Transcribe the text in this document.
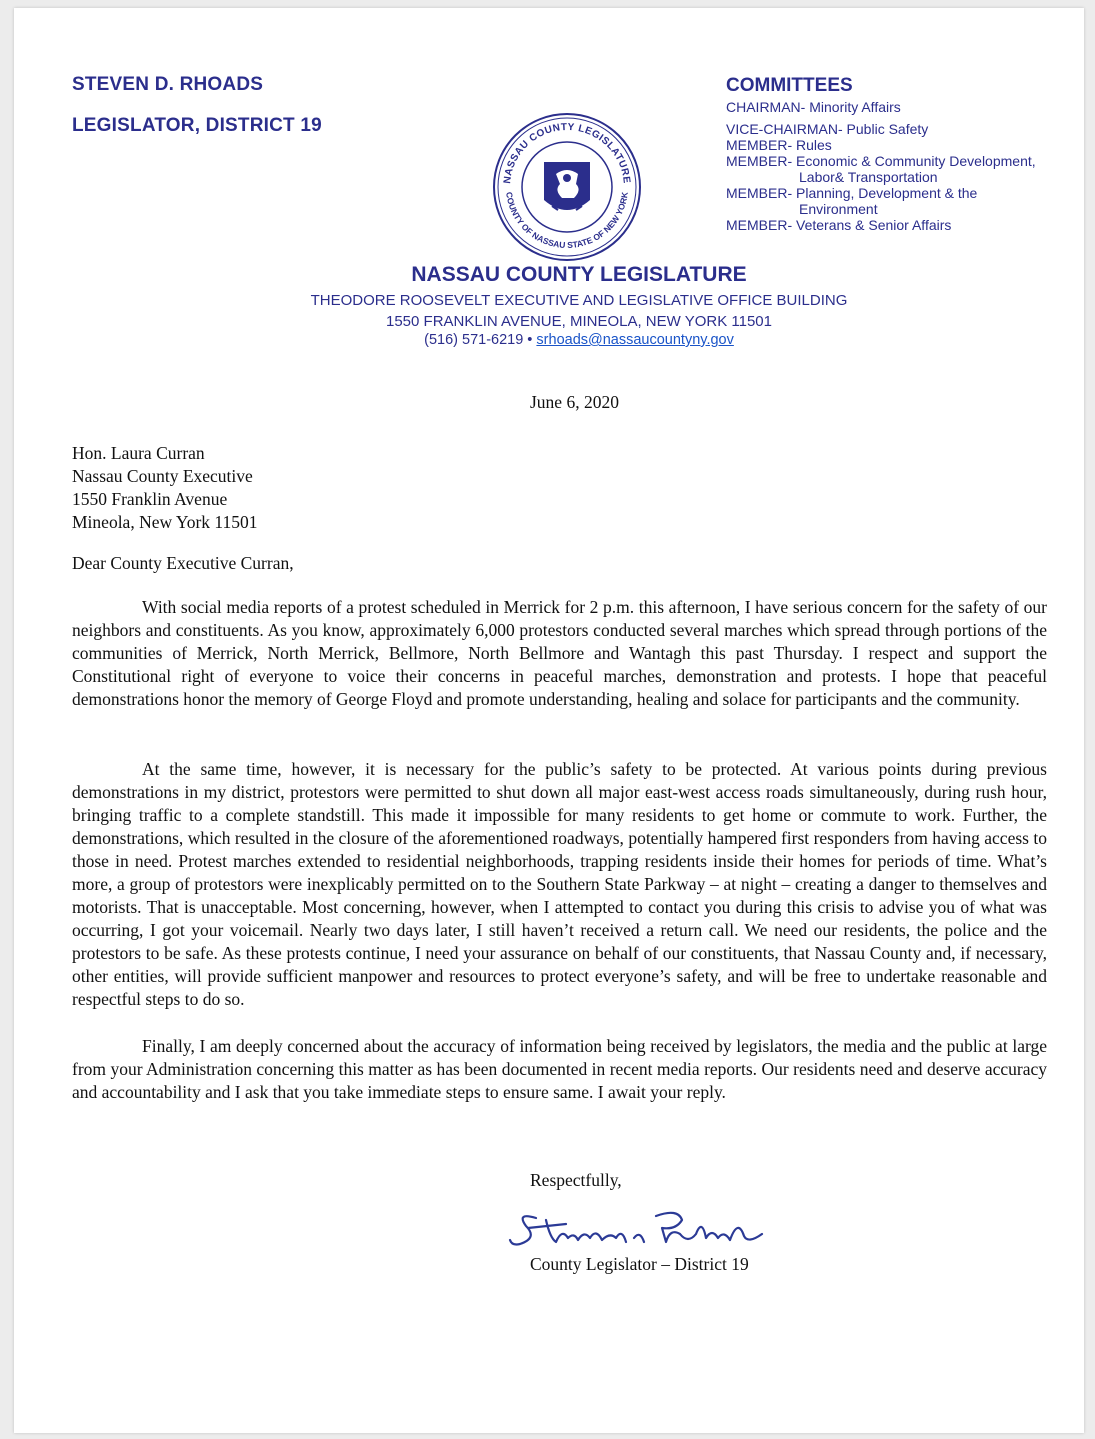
STEVEN D. RHOADS
LEGISLATOR, DISTRICT 19
COMMITTEES
CHAIRMAN- Minority Affairs
VICE-CHAIRMAN- Public Safety
MEMBER- Rules
MEMBER- Economic & Community Development,
Labor& Transportation
MEMBER- Planning, Development & the
Environment
MEMBER- Veterans & Senior Affairs
NASSAU COUNTY LEGISLATURE
COUNTY OF NASSAU STATE OF NEW YORK
NASSAU COUNTY LEGISLATURE
THEODORE ROOSEVELT EXECUTIVE AND LEGISLATIVE OFFICE BUILDING
1550 FRANKLIN AVENUE, MINEOLA, NEW YORK 11501
(516) 571-6219 • srhoads@nassaucountyny.gov
June 6, 2020
Hon. Laura Curran
Nassau County Executive
1550 Franklin Avenue
Mineola, New York 11501
Dear County Executive Curran,

With social media reports of a protest scheduled in Merrick for 2 p.m. this afternoon, I have serious concern for the safety of our neighbors and constituents. As you know, approximately 6,000 protestors conducted several marches which spread through portions of the communities of Merrick, North Merrick, Bellmore, North Bellmore and Wantagh this past Thursday. I respect and support the Constitutional right of everyone to voice their concerns in peaceful marches, demonstration and protests. I hope that peaceful demonstrations honor the memory of George Floyd and promote understanding, healing and solace for participants and the community.

At the same time, however, it is necessary for the public’s safety to be protected. At various points during previous demonstrations in my district, protestors were permitted to shut down all major east-west access roads simultaneously, during rush hour, bringing traffic to a complete standstill. This made it impossible for many residents to get home or commute to work. Further, the demonstrations, which resulted in the closure of the aforementioned roadways, potentially hampered first responders from having access to those in need. Protest marches extended to residential neighborhoods, trapping residents inside their homes for periods of time. What’s more, a group of protestors were inexplicably permitted on to the Southern State Parkway – at night – creating a danger to themselves and motorists. That is unacceptable. Most concerning, however, when I attempted to contact you during this crisis to advise you of what was occurring, I got your voicemail. Nearly two days later, I still haven’t received a return call. We need our residents, the police and the protestors to be safe. As these protests continue, I need your assurance on behalf of our constituents, that Nassau County and, if necessary, other entities, will provide sufficient manpower and resources to protect everyone’s safety, and will be free to undertake reasonable and respectful steps to do so.

Finally, I am deeply concerned about the accuracy of information being received by legislators, the media and the public at large from your Administration concerning this matter as has been documented in recent media reports. Our residents need and deserve accuracy and accountability and I ask that you take immediate steps to ensure same. I await your reply.

Respectfully,
County Legislator – District 19
